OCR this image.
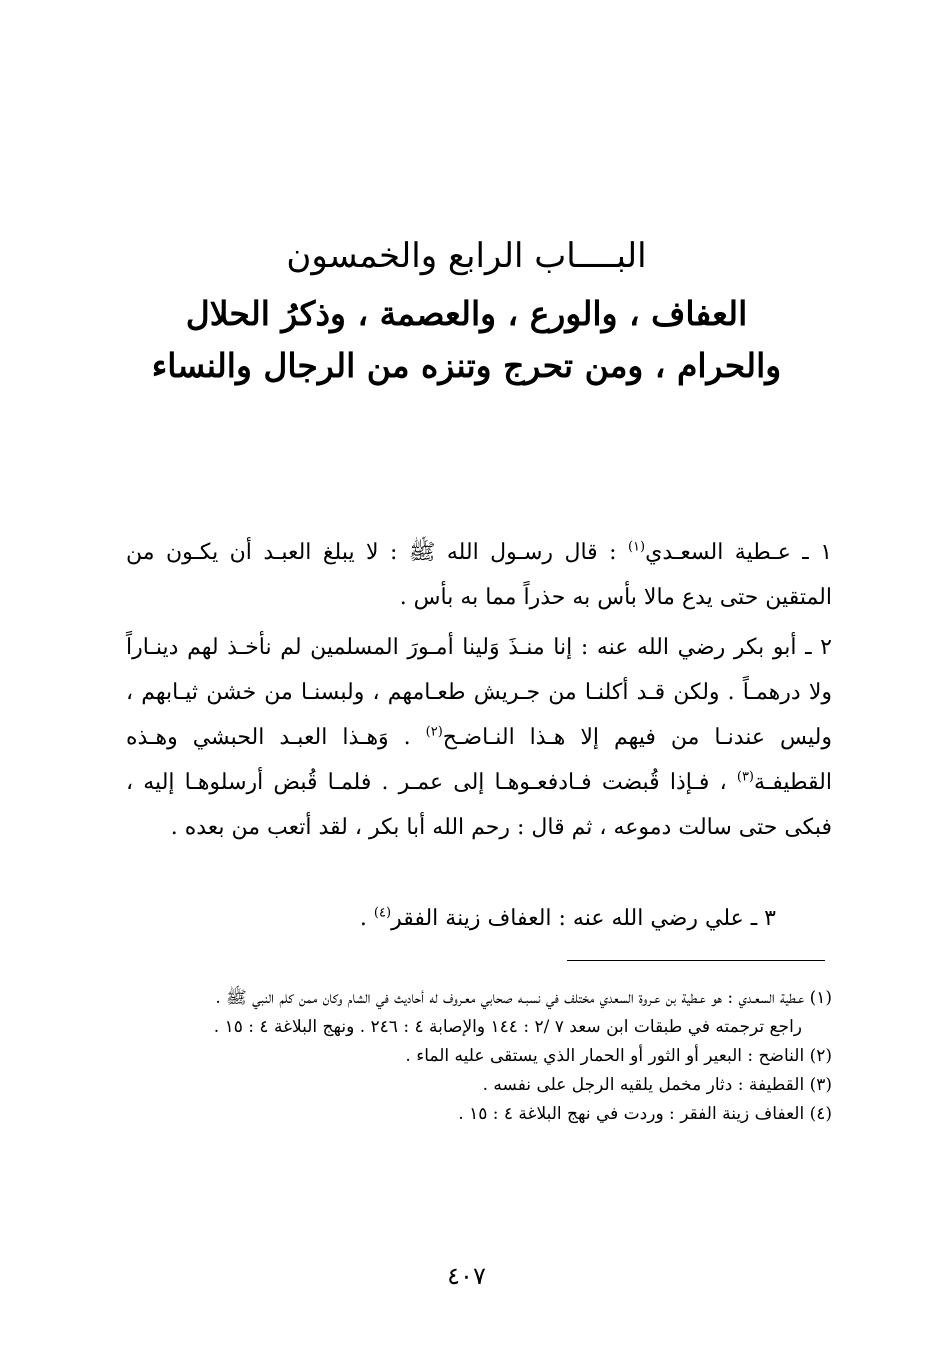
البــــاب الرابع والخمسون
العفاف ، والورع ، والعصمة ، وذكرُ الحلال
والحرام ، ومن تحرج وتنزه من الرجال والنساء

١ ـ عـطية السعـدي$^{(١)}$ : قال رسـول الله ﷺ : لا يبلغ العبـد أن يكـون من المتقين حتى يدع مالا بأس به حذراً مما به بأس .

٢ ـ أبو بكر رضي الله عنه : إنا منـذَ وَلينا أمـورَ المسلمين لم نأخـذ لهم دينـاراً ولا درهمـاً . ولكن قـد أكلنـا من جـريش طعـامهم ، ولبسنـا من خشن ثيـابهم ، وليس عندنـا من فيهم إلا هـذا النـاضـح$^{(٢)}$ . وَهـذا العبـد الحبشي وهـذه القطيفـة$^{(٣)}$ ، فـإذا قُبضت فـادفعـوهـا إلى عمـر . فلمـا قُبض أرسلوهـا إليه ، فبكى حتى سالت دموعه ، ثم قال : رحم الله أبا بكر ، لقد أتعب من بعده .

٣ ـ علي رضي الله عنه : العفاف زينة الفقر$^{(٤)}$ .

(١) عـطية السعـدي : هو عـطية بن عـروة السعدي مختلف في نسبـه صحابي معـروف له أحاديث في الشام وكان ممن كلم النبي ﷺ .

راجع ترجمته في طبقات ابن سعد ٧ /٢ : ١٤٤ والإصابة ٤ : ٢٤٦ . ونهج البلاغة ٤ : ١٥ .

(٢) الناضح : البعير أو الثور أو الحمار الذي يستقى عليه الماء .

(٣) القطيفة : دثار مخمل يلقيه الرجل على نفسه .

(٤) العفاف زينة الفقر : وردت في نهج البلاغة ٤ : ١٥ .

٤٠٧
